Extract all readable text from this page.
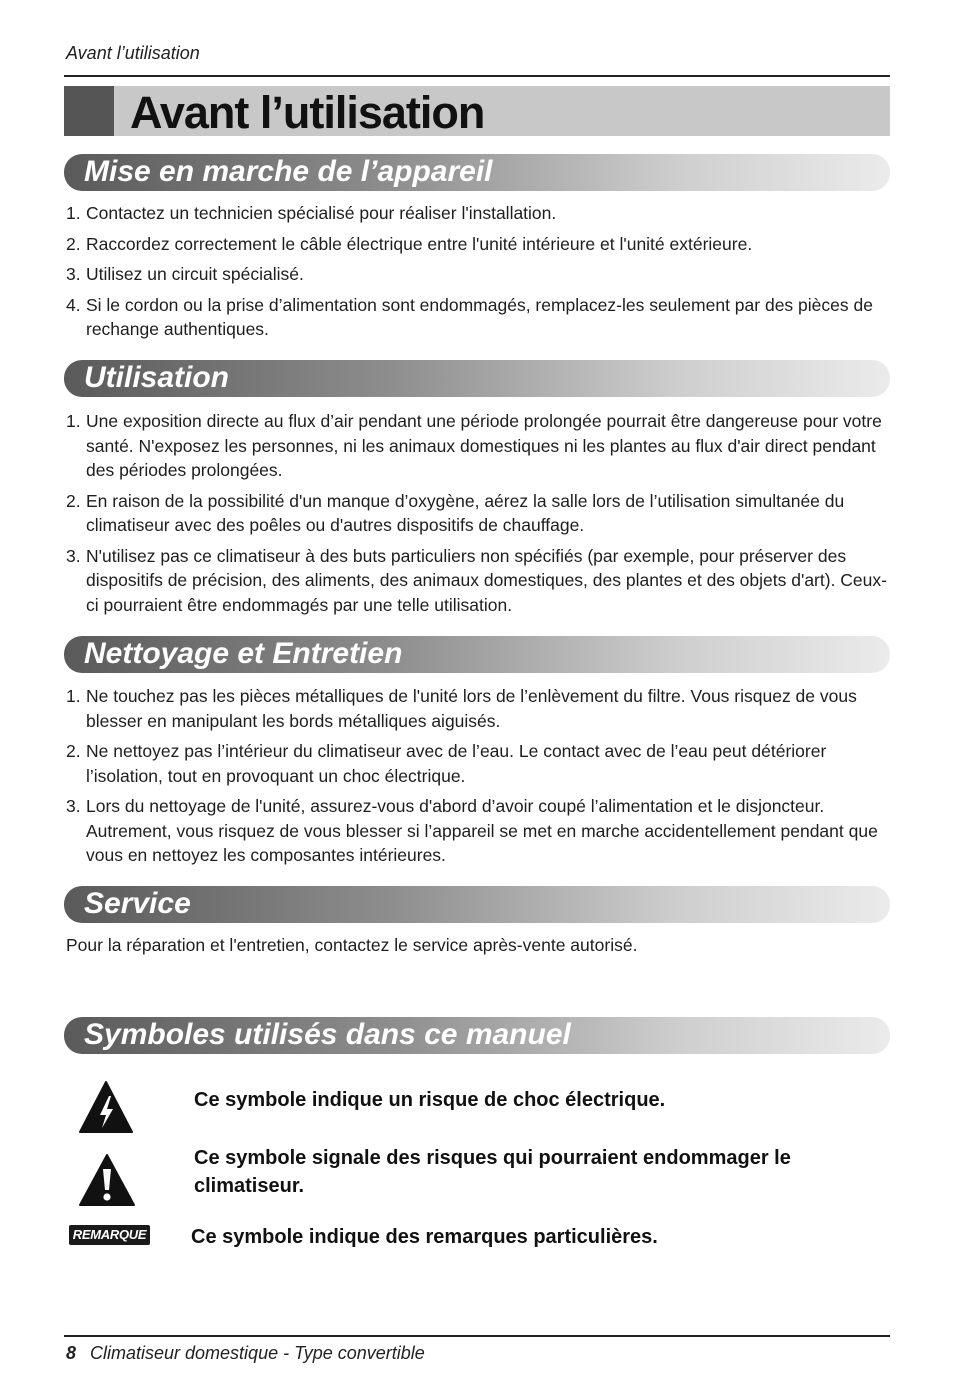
Avant l’utilisation
Avant l’utilisation
Mise en marche de l’appareil
1. Contactez un technicien spécialisé pour réaliser l'installation.
2. Raccordez correctement le câble électrique entre l'unité intérieure et l'unité extérieure.
3. Utilisez un circuit spécialisé.
4. Si le cordon ou la prise d’alimentation sont endommagés, remplacez-les seulement par des pièces de rechange authentiques.
Utilisation
1. Une exposition directe au flux d’air pendant une période prolongée pourrait être dangereuse pour votre santé. N'exposez les personnes, ni les animaux domestiques ni les plantes au flux d'air direct pendant des périodes prolongées.
2. En raison de la possibilité d'un manque d’oxygène, aérez la salle lors de l’utilisation simultanée du climatiseur avec des poêles ou d'autres dispositifs de chauffage.
3. N'utilisez pas ce climatiseur à des buts particuliers non spécifiés (par exemple, pour préserver des dispositifs de précision, des aliments, des animaux domestiques, des plantes et des objets d'art). Ceux-ci pourraient être endommagés par une telle utilisation.
Nettoyage et Entretien
1. Ne touchez pas les pièces métalliques de l'unité lors de l’enlèvement du filtre. Vous risquez de vous blesser en manipulant les bords métalliques aiguisés.
2. Ne nettoyez pas l’intérieur du climatiseur avec de l’eau. Le contact avec de l’eau peut détériorer l’isolation, tout en provoquant un choc électrique.
3. Lors du nettoyage de l'unité, assurez-vous d'abord d’avoir coupé l’alimentation et le disjoncteur. Autrement, vous risquez de vous blesser si l’appareil se met en marche accidentellement pendant que vous en nettoyez les composantes intérieures.
Service
Pour la réparation et l'entretien, contactez le service après-vente autorisé.
Symboles utilisés dans ce manuel
Ce symbole indique un risque de choc électrique.
Ce symbole signale des risques qui pourraient endommager le climatiseur.
REMARQUE Ce symbole indique des remarques particulières.
8 Climatiseur domestique - Type convertible
